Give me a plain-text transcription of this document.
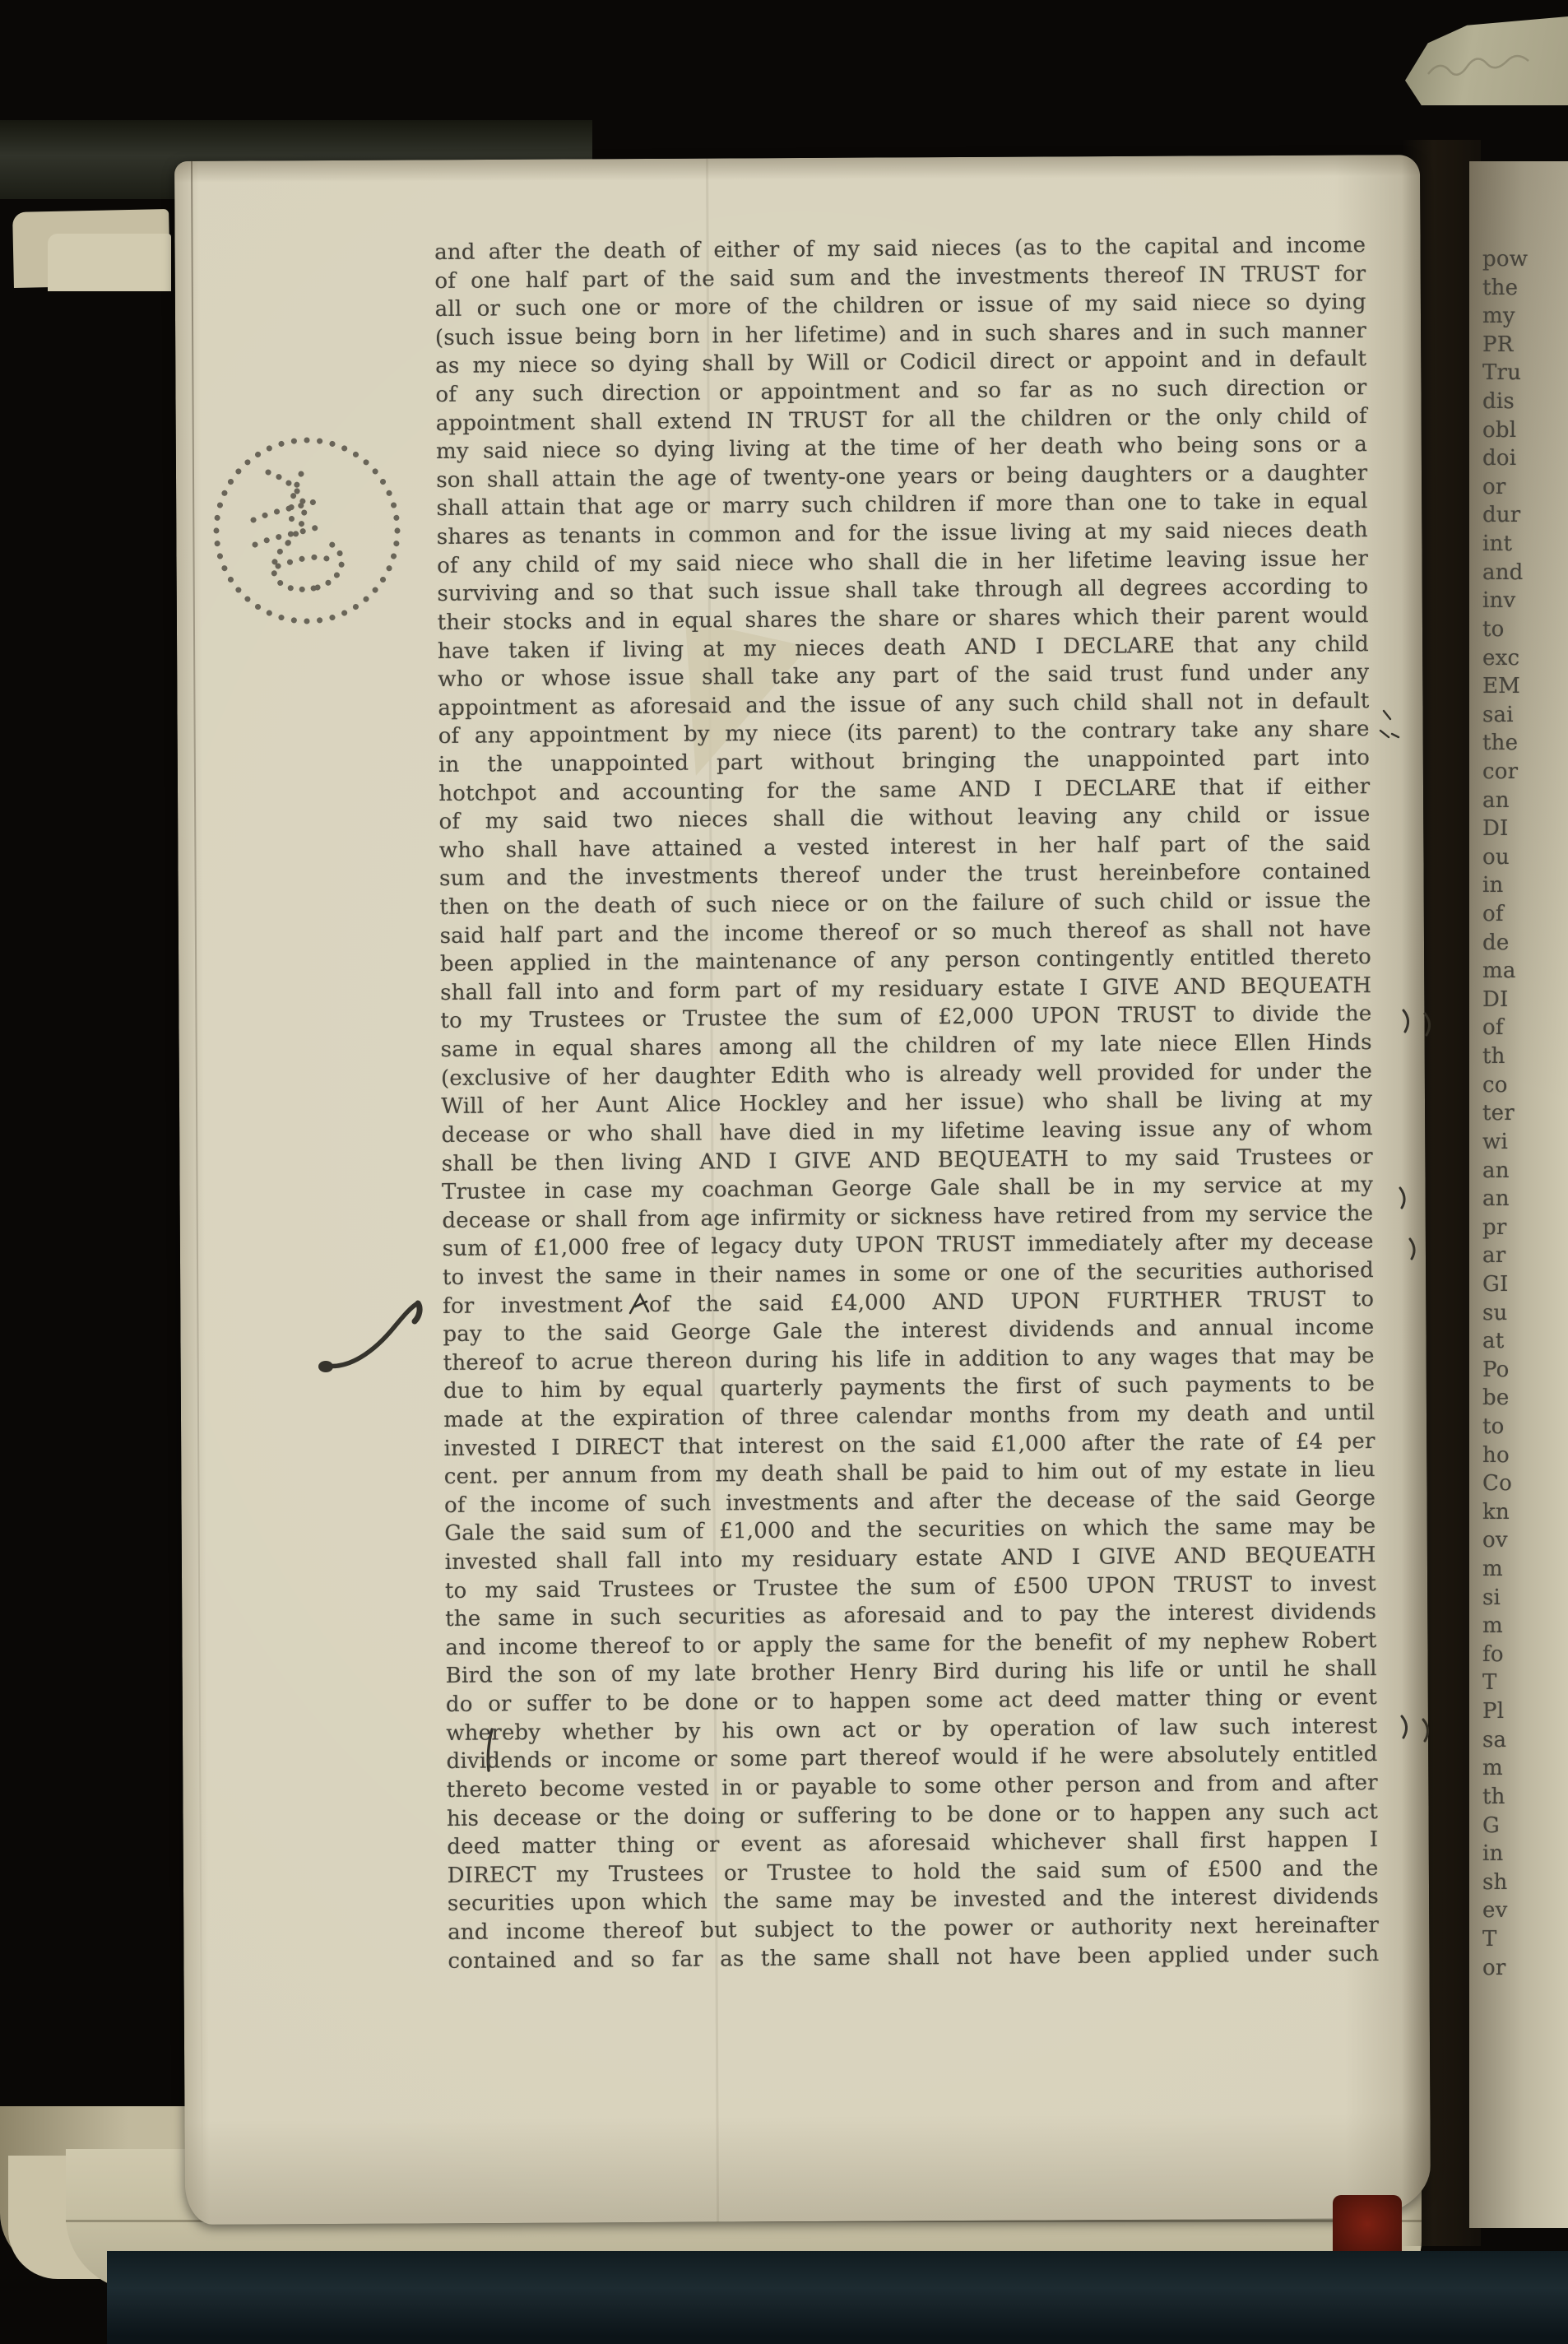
and after the death of either of my said nieces (as to the capital and income
of one half part of the said sum and the investments thereof IN TRUST for
all or such one or more of the children or issue of my said niece so dying
(such issue being born in her lifetime) and in such shares and in such manner
as my niece so dying shall by Will or Codicil direct or appoint and in default
of any such direction or appointment and so far as no such direction or
appointment shall extend IN TRUST for all the children or the only child of
my said niece so dying living at the time of her death who being sons or a
son shall attain the age of twenty-one years or being daughters or a daughter
shall attain that age or marry such children if more than one to take in equal
shares as tenants in common and for the issue living at my said nieces death
of any child of my said niece who shall die in her lifetime leaving issue her
surviving and so that such issue shall take through all degrees according to
their stocks and in equal shares the share or shares which their parent would
have taken if living at my nieces death AND I DECLARE that any child
who or whose issue shall take any part of the said trust fund under any
appointment as aforesaid and the issue of any such child shall not in default
of any appointment by my niece (its parent) to the contrary take any share
in the unappointed part without bringing the unappointed part into
hotchpot and accounting for the same AND I DECLARE that if either
of my said two nieces shall die without leaving any child or issue
who shall have attained a vested interest in her half part of the said
sum and the investments thereof under the trust hereinbefore contained
then on the death of such niece or on the failure of such child or issue the
said half part and the income thereof or so much thereof as shall not have
been applied in the maintenance of any person contingently entitled thereto
shall fall into and form part of my residuary estate I GIVE AND BEQUEATH
to my Trustees or Trustee the sum of £2,000 UPON TRUST to divide the
same in equal shares among all the children of my late niece Ellen Hinds
(exclusive of her daughter Edith who is already well provided for under the
Will of her Aunt Alice Hockley and her issue) who shall be living at my
decease or who shall have died in my lifetime leaving issue any of whom
shall be then living AND I GIVE AND BEQUEATH to my said Trustees or
Trustee in case my coachman George Gale shall be in my service at my
decease or shall from age infirmity or sickness have retired from my service the
sum of £1,000 free of legacy duty UPON TRUST immediately after my decease
to invest the same in their names in some or one of the securities authorised
for investment of the said £4,000 AND UPON FURTHER TRUST to
pay to the said George Gale the interest dividends and annual income
thereof to acrue thereon during his life in addition to any wages that may be
due to him by equal quarterly payments the first of such payments to be
made at the expiration of three calendar months from my death and until
invested I DIRECT that interest on the said £1,000 after the rate of £4 per
cent. per annum from my death shall be paid to him out of my estate in lieu
of the income of such investments and after the decease of the said George
Gale the said sum of £1,000 and the securities on which the same may be
invested shall fall into my residuary estate AND I GIVE AND BEQUEATH
to my said Trustees or Trustee the sum of £500 UPON TRUST to invest
the same in such securities as aforesaid and to pay the interest dividends
and income thereof to or apply the same for the benefit of my nephew Robert
Bird the son of my late brother Henry Bird during his life or until he shall
do or suffer to be done or to happen some act deed matter thing or event
whereby whether by his own act or by operation of law such interest
dividends or income or some part thereof would if he were absolutely entitled
thereto become vested in or payable to some other person and from and after
his decease or the doing or suffering to be done or to happen any such act
deed matter thing or event as aforesaid whichever shall first happen I
DIRECT my Trustees or Trustee to hold the said sum of £500 and the
securities upon which the same may be invested and the interest dividends
and income thereof but subject to the power or authority next hereinafter
contained and so far as the same shall not have been applied under such
pow
the
my
PR
Tru
dis
obl
doi
or
dur
int
and
inv
to
exc
EM
sai
the
cor
an
DI
ou
in
of
de
ma
DI
of
th
co
ter
wi
an
an
pr
ar
GI
su
at
Po
be
to
ho
Co
kn
ov
m
si
m
fo
T
Pl
sa
m
th
G
in
sh
ev
T
or
